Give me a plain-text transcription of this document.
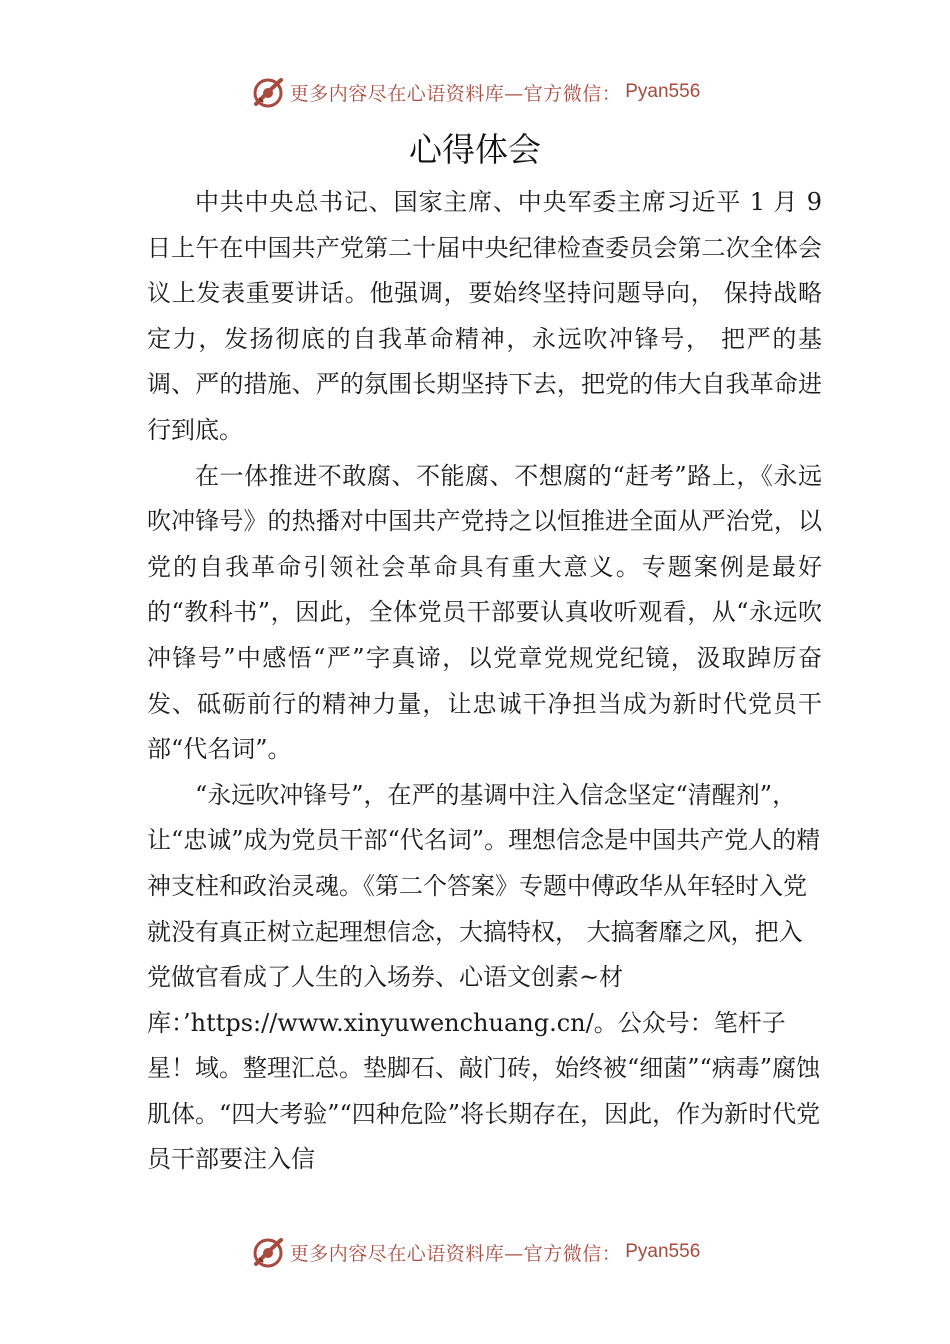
更多内容尽在心语资料库—官方微信： Pyan556
心得体会

中共中央总书记、国家主席、中央军委主席习近平 1 月 9 日上午在中国共产党第二十届中央纪律检查委员会第二次全体会议上发表重要讲话。他强调，要始终坚持问题导向， 保持战略定力，发扬彻底的自我革命精神，永远吹冲锋号， 把严的基调、严的措施、严的氛围长期坚持下去，把党的伟大自我革命进行到底。

在一体推进不敢腐、不能腐、不想腐的“赶考”路上，《永远吹冲锋号》的热播对中国共产党持之以恒推进全面从严治党，以党的自我革命引领社会革命具有重大意义。专题案例是最好的“教科书”，因此，全体党员干部要认真收听观看，从“永远吹冲锋号”中感悟“严”字真谛，以党章党规党纪镜，汲取踔厉奋发、砥砺前行的精神力量，让忠诚干净担当成为新时代党员干部“代名词”。

“永远吹冲锋号”，在严的基调中注入信念坚定“清醒剂”，让“忠诚”成为党员干部“代名词”。理想信念是中国共产党人的精神支柱和政治灵魂。《第二个答案》专题中傅政华从年轻时入党就没有真正树立起理想信念，大搞特权， 大搞奢靡之风，把入党做官看成了人生的入场券、心语文创素~材库：’https://www.xinyuwenchuang.cn/。公众号：笔杆子星！域。整理汇总。垫脚石、敲门砖，始终被“细菌”“病毒”腐蚀肌体。“四大考验”“四种危险”将长期存在，因此，作为新时代党员干部要注入信

更多内容尽在心语资料库—官方微信： Pyan556
